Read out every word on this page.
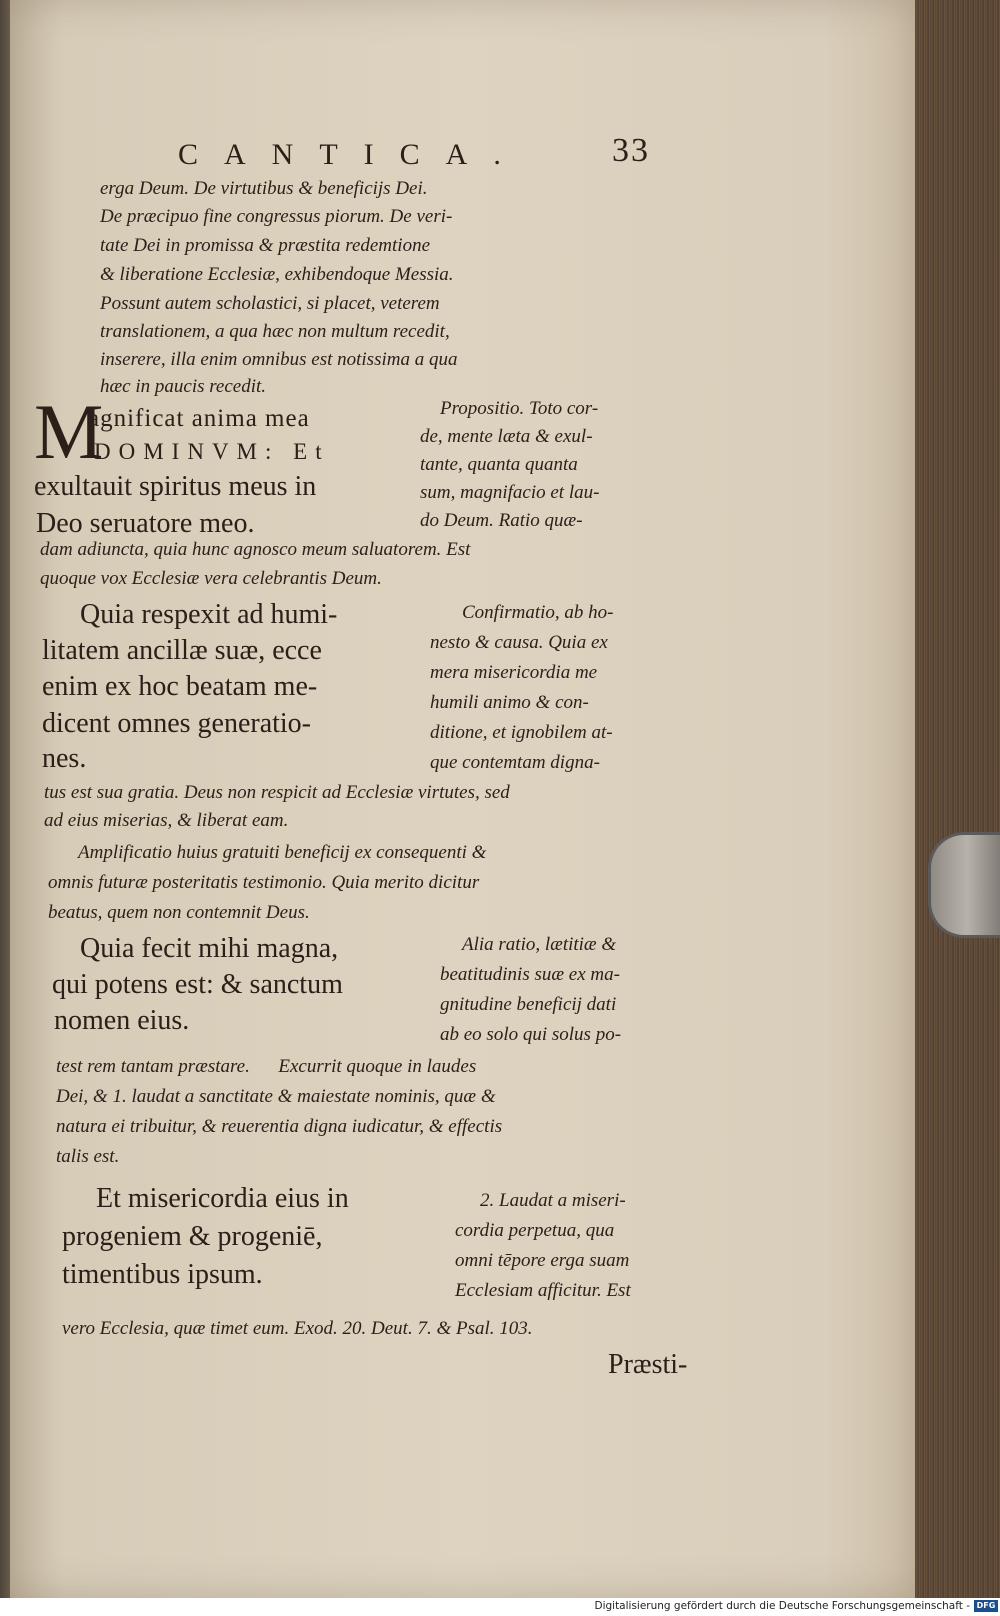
CANTICA.	33
erga Deum. De virtutibus & beneficijs Dei.
De præcipuo fine congressus piorum. De veri-
tate Dei in promissa & præstita redemtione
& liberatione Ecclesiæ, exhibendoque Messia.
Possunt autem scholastici, si placet, veterem
translationem, a qua hæc non multum recedit,
inserere, illa enim omnibus est notissima a qua
hæc in paucis recedit.
M
agnificat anima mea
DOMINVM: Et
exultauit spiritus meus in
Deo seruatore meo.
Propositio. Toto cor-
de, mente læta & exul-
tante, quanta quanta
sum, magnifacio et lau-
do Deum. Ratio quæ-
dam adiuncta, quia hunc agnosco meum saluatorem. Est
quoque vox Ecclesiæ vera celebrantis Deum.
Quia respexit ad humi-
litatem ancillæ suæ, ecce
enim ex hoc beatam me-
dicent omnes generatio-
nes.
Confirmatio, ab ho-
nesto & causa. Quia ex
mera misericordia me
humili animo & con-
ditione, et ignobilem at-
que contemtam digna-
tus est sua gratia. Deus non respicit ad Ecclesiæ virtutes, sed
ad eius miserias, & liberat eam.
Amplificatio huius gratuiti beneficij ex consequenti &
omnis futuræ posteritatis testimonio. Quia merito dicitur
beatus, quem non contemnit Deus.
Quia fecit mihi magna,
qui potens est: & sanctum
nomen eius.
Alia ratio, lætitiæ &
beatitudinis suæ ex ma-
gnitudine beneficij dati
ab eo solo qui solus po-
test rem tantam præstare.      Excurrit quoque in laudes
Dei, & 1. laudat a sanctitate & maiestate nominis, quæ &
natura ei tribuitur, & reuerentia digna iudicatur, & effectis
talis est.
Et misericordia eius in
progeniem & progeniē,
timentibus ipsum.
2. Laudat a miseri-
cordia perpetua, qua
omni tēpore erga suam
Ecclesiam afficitur. Est
vero Ecclesia, quæ timet eum. Exod. 20. Deut. 7. & Psal. 103.
Præsti-
Digitalisierung gefördert durch die Deutsche Forschungsgemeinschaft - DFG
